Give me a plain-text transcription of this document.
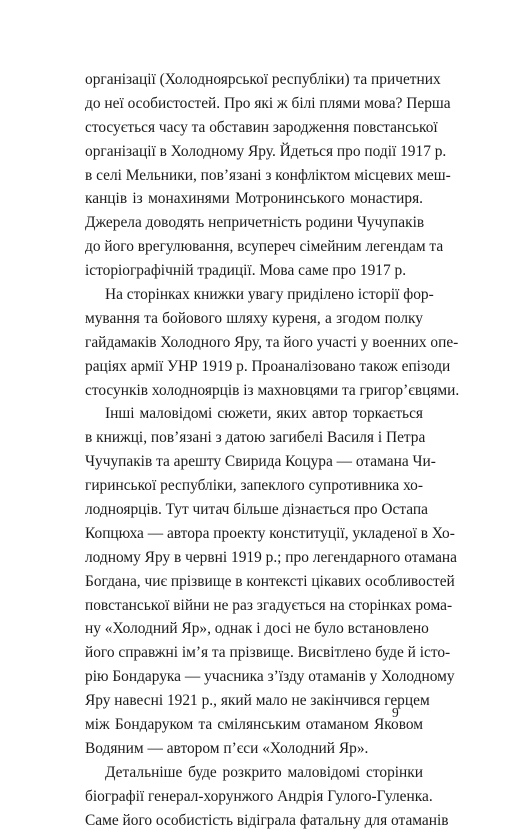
організації (Холодноярської республіки) та причетних
до неї особистостей. Про які ж білі плями мова? Перша
стосується часу та обставин зародження повстанської
організації в Холодному Яру. Йдеться про події 1917 р.
в селі Мельники, пов’язані з конфліктом місцевих меш-
канців із монахинями Мотронинського монастиря.
Джерела доводять непричетність родини Чучупаків
до його врегулювання, всупереч сімейним легендам та
історіографічній традиції. Мова саме про 1917 р.
На сторінках книжки увагу приділено історії фор-
мування та бойового шляху куреня, а згодом полку
гайдамаків Холодного Яру, та його участі у военних опе-
раціях армії УНР 1919 р. Проаналізовано також епізоди
стосунків холодноярців із махновцями та григор’євцями.
Інші маловідомі сюжети, яких автор торкається
в книжці, пов’язані з датою загибелі Василя і Петра
Чучупаків та арешту Свирида Коцура — отамана Чи-
гиринської республіки, запеклого супротивника хо-
лодноярців. Тут читач більше дізнається про Остапа
Копцюха — автора проекту конституції, укладеної в Хо-
лодному Яру в червні 1919 р.; про легендарного отамана
Богдана, чиє прізвище в контексті цікавих особливостей
повстанської війни не раз згадується на сторінках рома-
ну «Холодний Яр», однак і досі не було встановлено
його справжні ім’я та прізвище. Висвітлено буде й істо-
рію Бондарука — учасника з’їзду отаманів у Холодному
Яру навесні 1921 р., який мало не закінчився герцем
між Бондаруком та смілянським отаманом Яковом
Водяним — автором п’єси «Холодний Яр».
Детальніше буде розкрито маловідомі сторінки
біографії генерал-хорунжого Андрія Гулого-Гуленка.
Саме його особистість відіграла фатальну для отаманів
9
